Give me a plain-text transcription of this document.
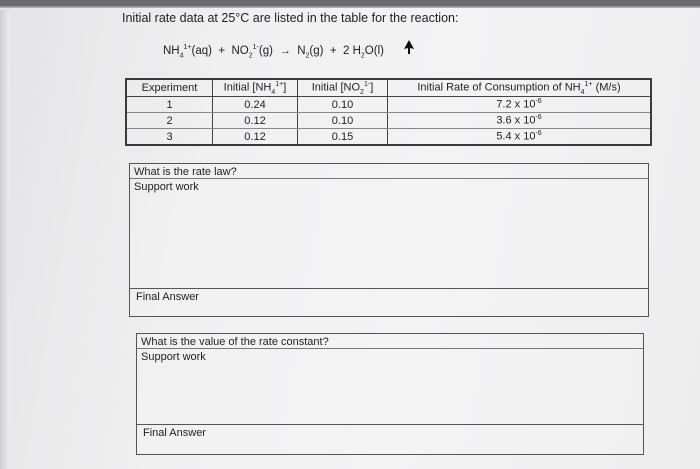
Initial rate data at 25°C are listed in the table for the reaction:
$NH_4^{1+}(aq) + NO_2^{1-}(g) \to N_2(g) + 2$ $H_2O(l)$
Experiment	Initial $[NH_4^{1+}]$	Initial $[NO_2^{1-}]$	Initial Rate of Consumption of $NH_4^{1+}$ (M/s)
1	0.24	0.10	7.2 x $10^{-6}$
2	0.12	0.10	3.6 x $10^{-6}$
3	0.12	0.15	5.4 x $10^{-6}$
What is the rate law?
Support work
Final Answer
What is the value of the rate constant?
Support work
Final Answer
